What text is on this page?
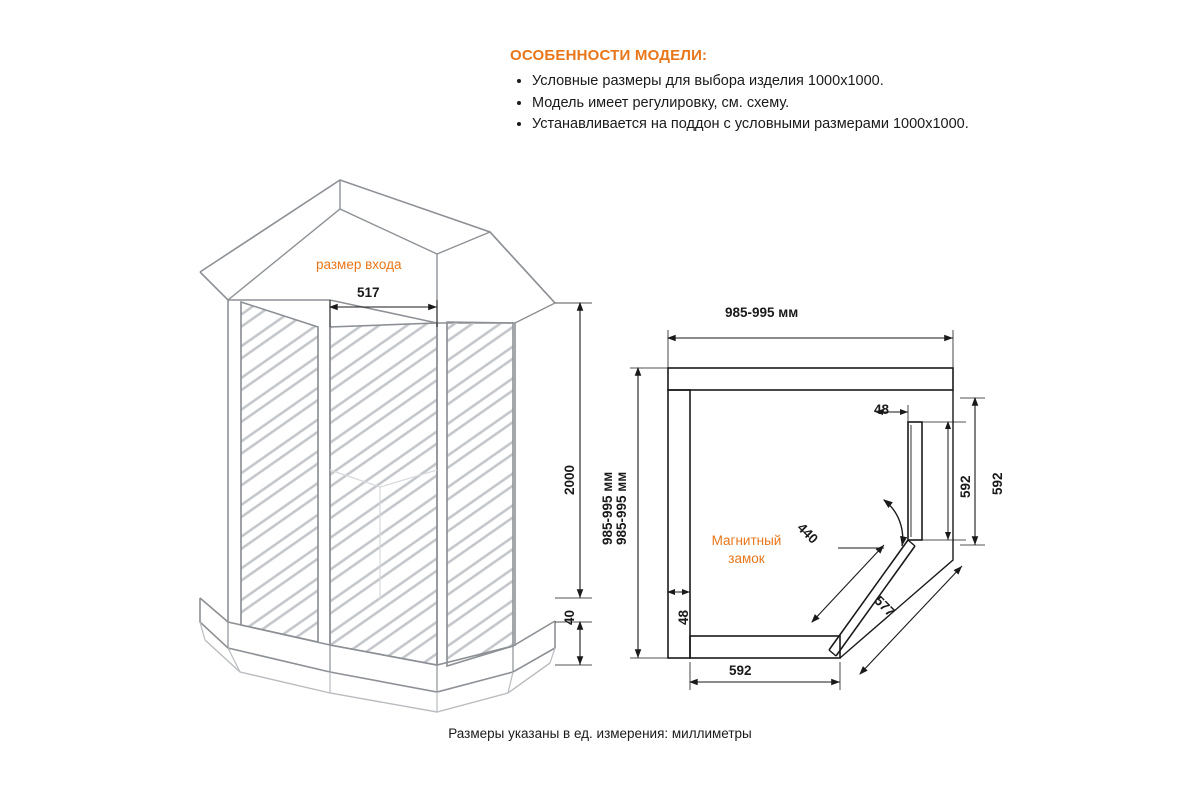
ОСОБЕННОСТИ МОДЕЛИ:
• Условные размеры для выбора изделия 1000х1000.
• Модель имеет регулировку, см. схему.
• Устанавливается на поддон с условными размерами 1000х1000.
размер входа
517
2000
40
985-995 мм
985-995 мм
985-995 мм
48
592 592
440
577
592
48
Магнитный
замок
Размеры указаны в ед. измерения: миллиметры
